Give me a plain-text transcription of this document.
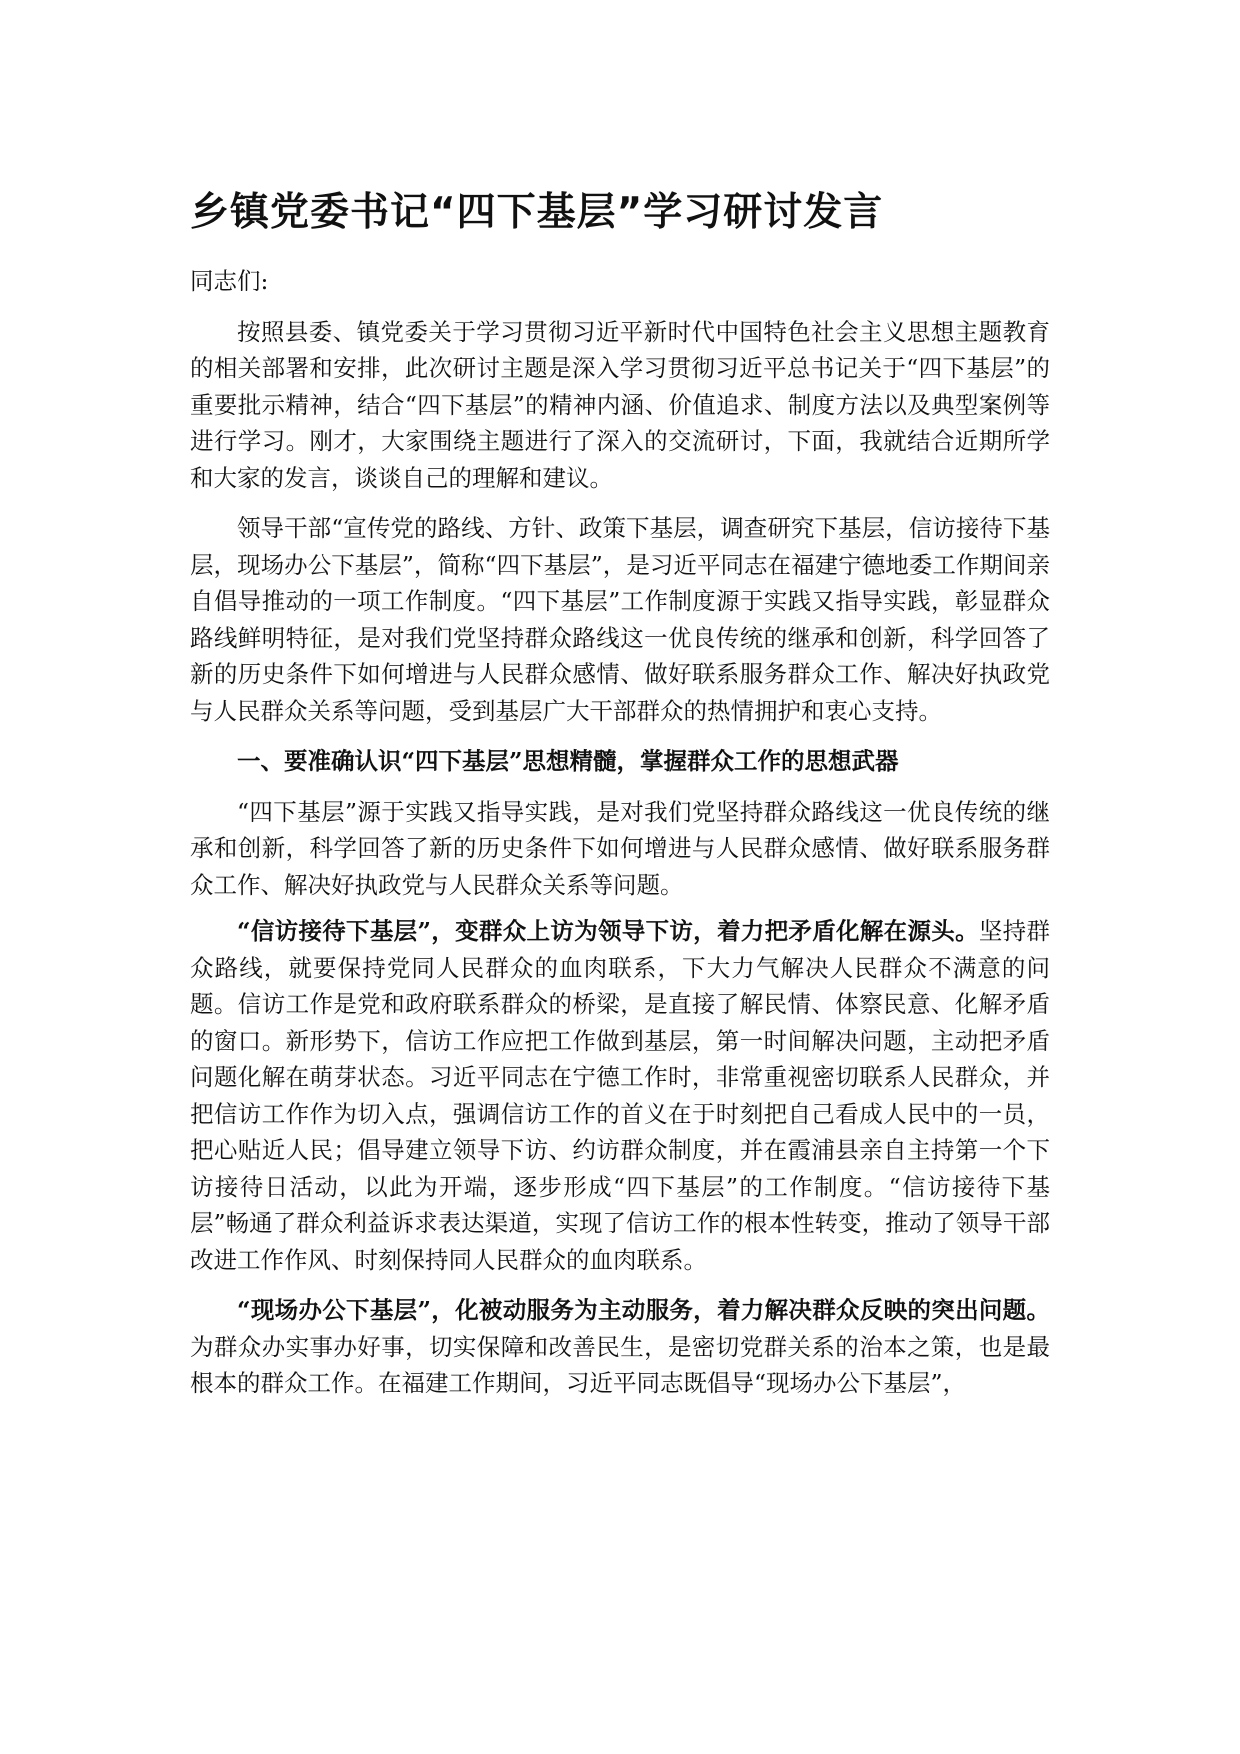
乡镇党委书记“四下基层”学习研讨发言

同志们:

按照县委、镇党委关于学习贯彻习近平新时代中国特色社会主义思想主题教育的相关部署和安排，此次研讨主题是深入学习贯彻习近平总书记关于“四下基层”的重要批示精神，结合“四下基层”的精神内涵、价值追求、制度方法以及典型案例等进行学习。刚才，大家围绕主题进行了深入的交流研讨，下面，我就结合近期所学和大家的发言，谈谈自己的理解和建议。

领导干部“宣传党的路线、方针、政策下基层，调查研究下基层，信访接待下基层，现场办公下基层”，简称“四下基层”，是习近平同志在福建宁德地委工作期间亲自倡导推动的一项工作制度。“四下基层”工作制度源于实践又指导实践，彰显群众路线鲜明特征，是对我们党坚持群众路线这一优良传统的继承和创新，科学回答了新的历史条件下如何增进与人民群众感情、做好联系服务群众工作、解决好执政党与人民群众关系等问题，受到基层广大干部群众的热情拥护和衷心支持。

一、要准确认识“四下基层”思想精髓，掌握群众工作的思想武器

“四下基层”源于实践又指导实践，是对我们党坚持群众路线这一优良传统的继承和创新，科学回答了新的历史条件下如何增进与人民群众感情、做好联系服务群众工作、解决好执政党与人民群众关系等问题。

“信访接待下基层”，变群众上访为领导下访，着力把矛盾化解在源头。坚持群众路线，就要保持党同人民群众的血肉联系，下大力气解决人民群众不满意的问题。信访工作是党和政府联系群众的桥梁，是直接了解民情、体察民意、化解矛盾的窗口。新形势下，信访工作应把工作做到基层，第一时间解决问题，主动把矛盾问题化解在萌芽状态。习近平同志在宁德工作时，非常重视密切联系人民群众，并把信访工作作为切入点，强调信访工作的首义在于时刻把自己看成人民中的一员，把心贴近人民；倡导建立领导下访、约访群众制度，并在霞浦县亲自主持第一个下访接待日活动，以此为开端，逐步形成“四下基层”的工作制度。“信访接待下基层”畅通了群众利益诉求表达渠道，实现了信访工作的根本性转变，推动了领导干部改进工作作风、时刻保持同人民群众的血肉联系。

“现场办公下基层”，化被动服务为主动服务，着力解决群众反映的突出问题。为群众办实事办好事，切实保障和改善民生，是密切党群关系的治本之策，也是最根本的群众工作。在福建工作期间，习近平同志既倡导“现场办公下基层”，
